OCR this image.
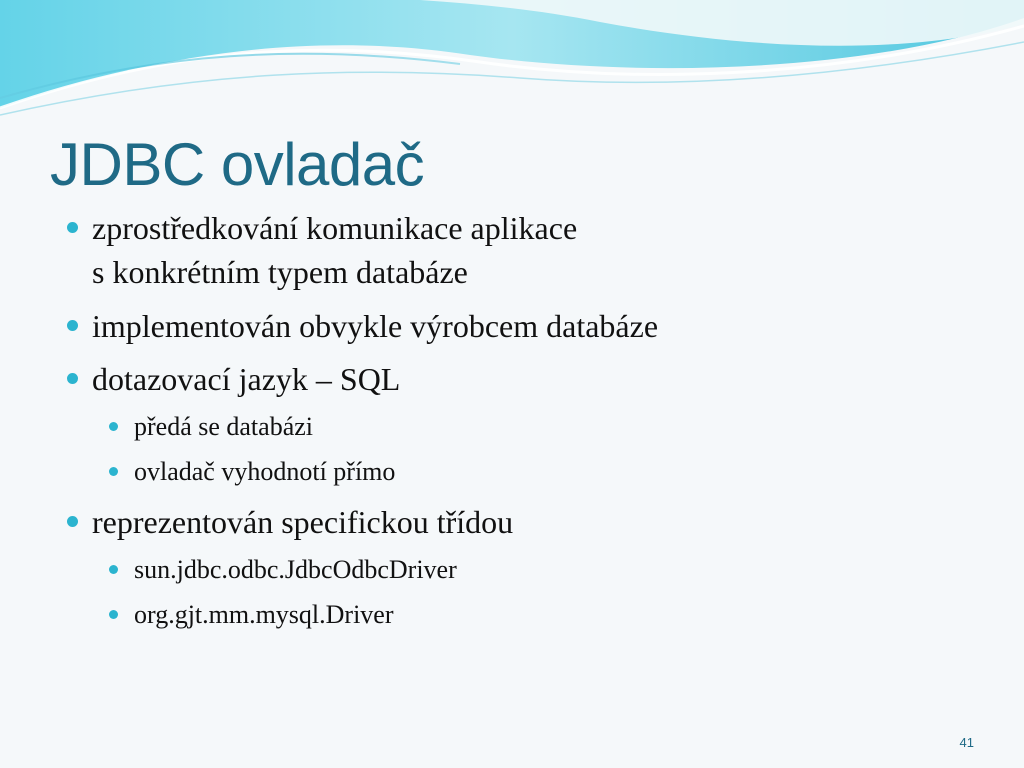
JDBC ovladač
zprostředkování komunikace aplikace
s konkrétním typem databáze
implementován obvykle výrobcem databáze
dotazovací jazyk – SQL
předá se databázi
ovladač vyhodnotí přímo
reprezentován specifickou třídou
sun.jdbc.odbc.JdbcOdbcDriver
org.gjt.mm.mysql.Driver
41
